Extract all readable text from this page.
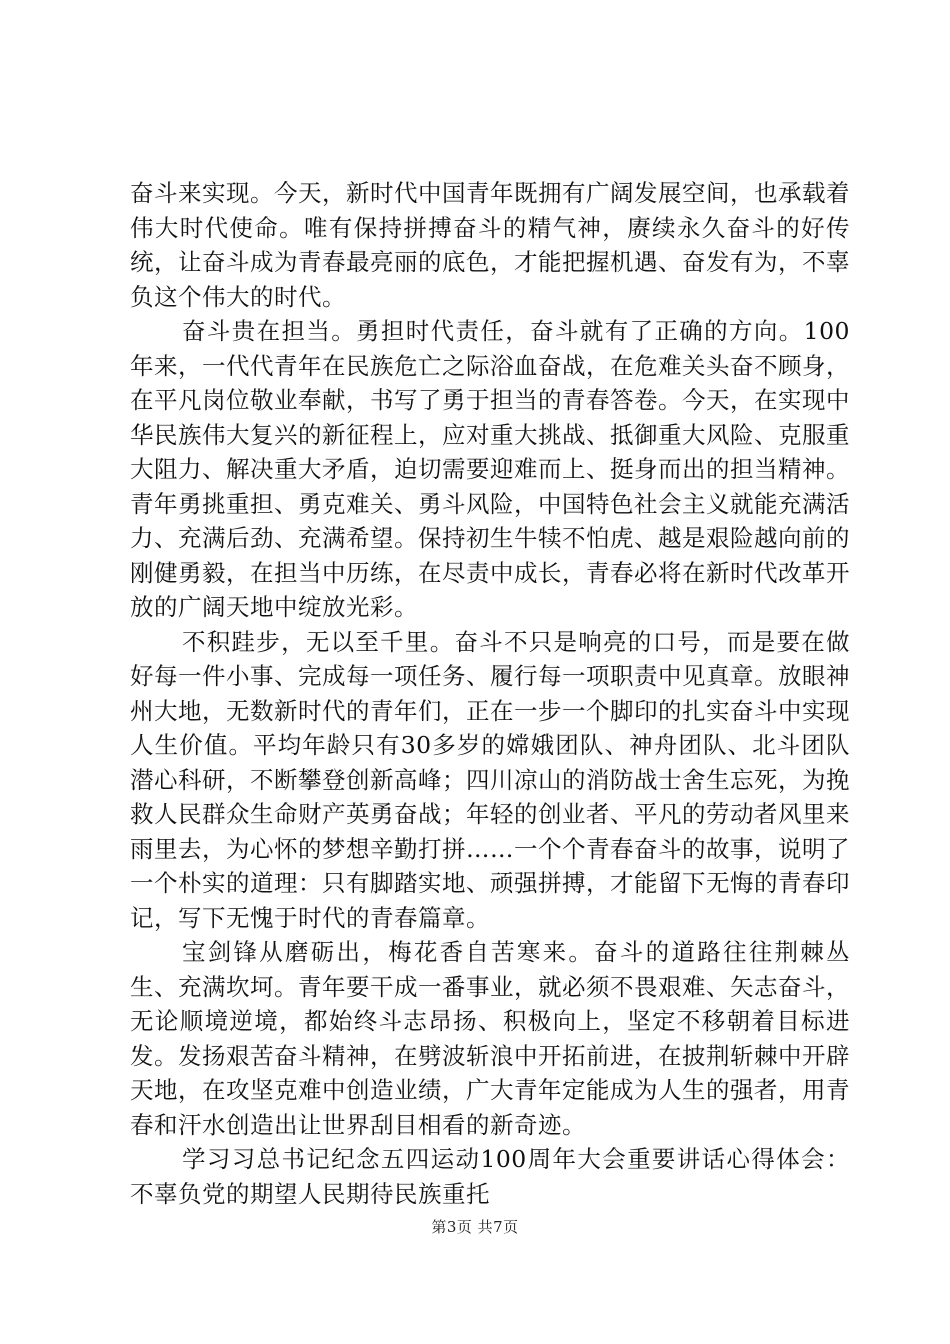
奋斗来实现。今天，新时代中国青年既拥有广阔发展空间，也承载着伟大时代使命。唯有保持拼搏奋斗的精气神，赓续永久奋斗的好传统，让奋斗成为青春最亮丽的底色，才能把握机遇、奋发有为，不辜负这个伟大的时代。

奋斗贵在担当。勇担时代责任，奋斗就有了正确的方向。100年来，一代代青年在民族危亡之际浴血奋战，在危难关头奋不顾身，在平凡岗位敬业奉献，书写了勇于担当的青春答卷。今天，在实现中华民族伟大复兴的新征程上，应对重大挑战、抵御重大风险、克服重大阻力、解决重大矛盾，迫切需要迎难而上、挺身而出的担当精神。青年勇挑重担、勇克难关、勇斗风险，中国特色社会主义就能充满活力、充满后劲、充满希望。保持初生牛犊不怕虎、越是艰险越向前的刚健勇毅，在担当中历练，在尽责中成长，青春必将在新时代改革开放的广阔天地中绽放光彩。

不积跬步，无以至千里。奋斗不只是响亮的口号，而是要在做好每一件小事、完成每一项任务、履行每一项职责中见真章。放眼神州大地，无数新时代的青年们，正在一步一个脚印的扎实奋斗中实现人生价值。平均年龄只有30多岁的嫦娥团队、神舟团队、北斗团队潜心科研，不断攀登创新高峰；四川凉山的消防战士舍生忘死，为挽救人民群众生命财产英勇奋战；年轻的创业者、平凡的劳动者风里来雨里去，为心怀的梦想辛勤打拼……一个个青春奋斗的故事，说明了一个朴实的道理：只有脚踏实地、顽强拼搏，才能留下无悔的青春印记，写下无愧于时代的青春篇章。

宝剑锋从磨砺出，梅花香自苦寒来。奋斗的道路往往荆棘丛生、充满坎坷。青年要干成一番事业，就必须不畏艰难、矢志奋斗，无论顺境逆境，都始终斗志昂扬、积极向上，坚定不移朝着目标进发。发扬艰苦奋斗精神，在劈波斩浪中开拓前进，在披荆斩棘中开辟天地，在攻坚克难中创造业绩，广大青年定能成为人生的强者，用青春和汗水创造出让世界刮目相看的新奇迹。

学习习总书记纪念五四运动100周年大会重要讲话心得体会：不辜负党的期望人民期待民族重托

第3页 共7页
